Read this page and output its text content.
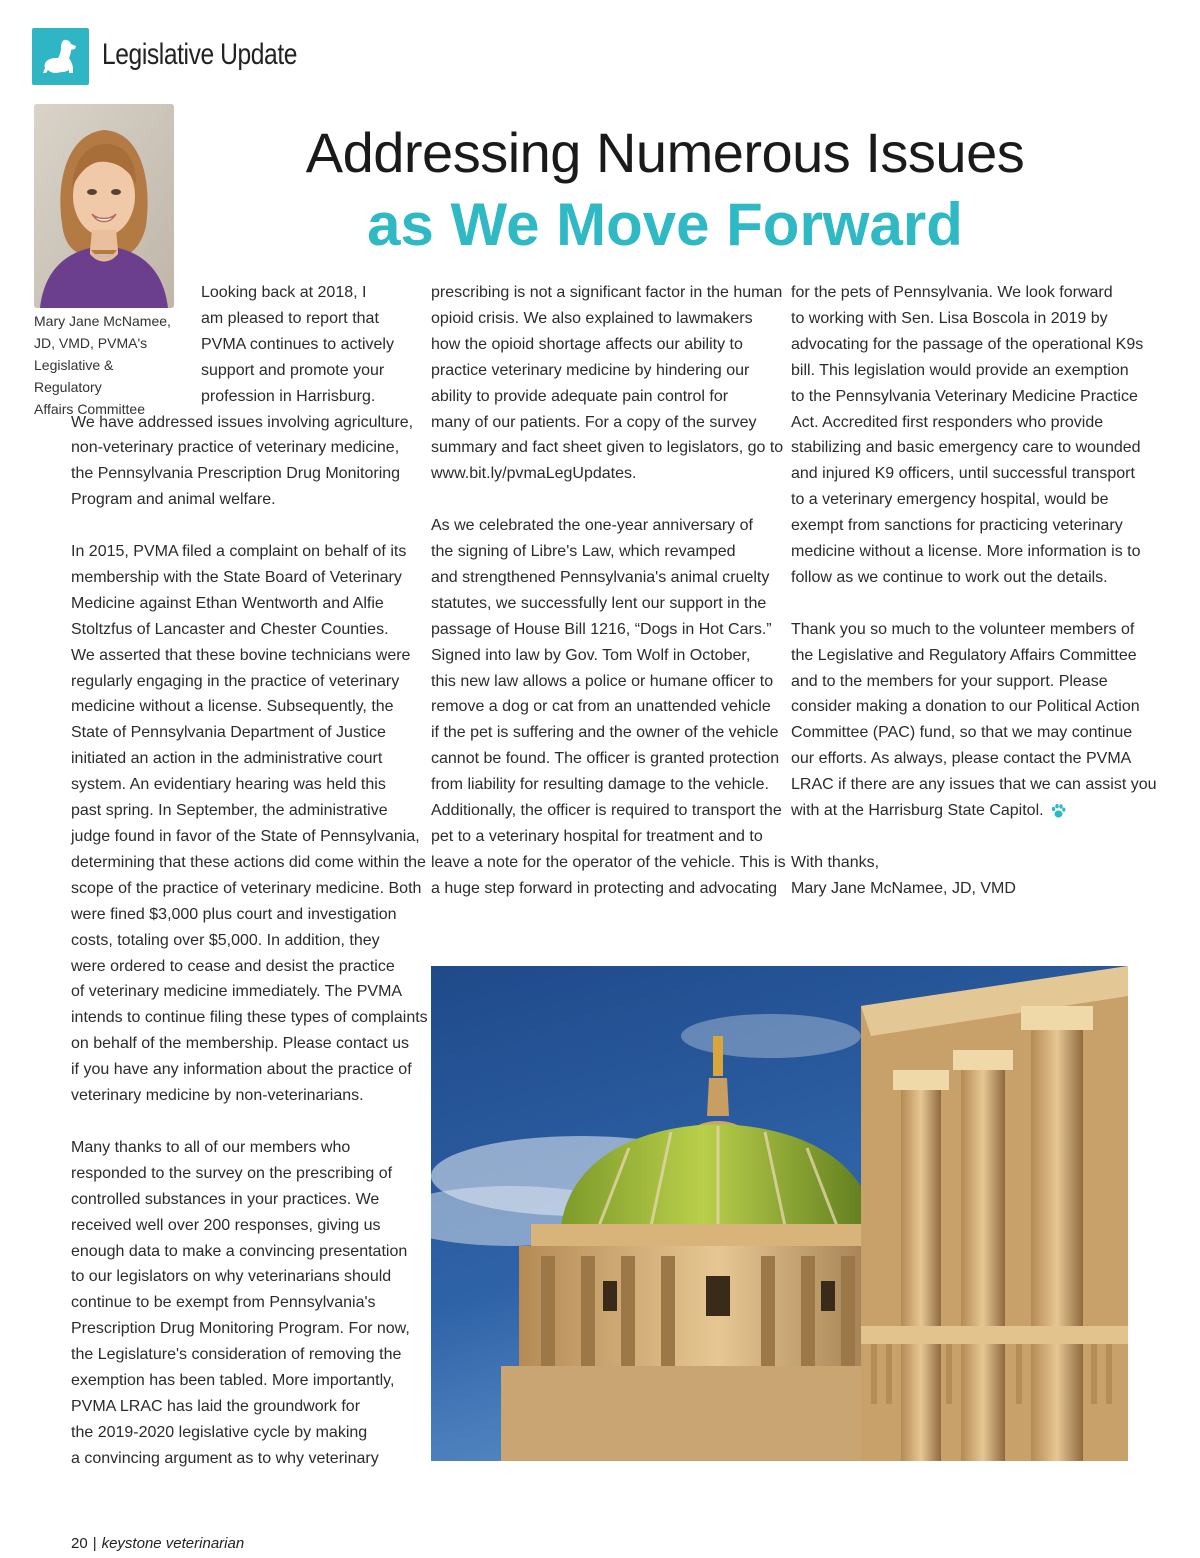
Legislative Update
Addressing Numerous Issues
as We Move Forward
Mary Jane McNamee,
JD, VMD, PVMA's
Legislative & Regulatory
Affairs Committee

Looking back at 2018, I
am pleased to report that
PVMA continues to actively
support and promote your
profession in Harrisburg.
We have addressed issues involving agriculture,
non-veterinary practice of veterinary medicine,
the Pennsylvania Prescription Drug Monitoring
Program and animal welfare.

In 2015, PVMA filed a complaint on behalf of its
membership with the State Board of Veterinary
Medicine against Ethan Wentworth and Alfie
Stoltzfus of Lancaster and Chester Counties.
We asserted that these bovine technicians were
regularly engaging in the practice of veterinary
medicine without a license. Subsequently, the
State of Pennsylvania Department of Justice
initiated an action in the administrative court
system. An evidentiary hearing was held this
past spring. In September, the administrative
judge found in favor of the State of Pennsylvania,
determining that these actions did come within the
scope of the practice of veterinary medicine. Both
were fined $3,000 plus court and investigation
costs, totaling over $5,000. In addition, they
were ordered to cease and desist the practice
of veterinary medicine immediately. The PVMA
intends to continue filing these types of complaints
on behalf of the membership. Please contact us
if you have any information about the practice of
veterinary medicine by non-veterinarians.

Many thanks to all of our members who
responded to the survey on the prescribing of
controlled substances in your practices. We
received well over 200 responses, giving us
enough data to make a convincing presentation
to our legislators on why veterinarians should
continue to be exempt from Pennsylvania's
Prescription Drug Monitoring Program. For now,
the Legislature's consideration of removing the
exemption has been tabled. More importantly,
PVMA LRAC has laid the groundwork for
the 2019-2020 legislative cycle by making
a convincing argument as to why veterinary

prescribing is not a significant factor in the human
opioid crisis. We also explained to lawmakers
how the opioid shortage affects our ability to
practice veterinary medicine by hindering our
ability to provide adequate pain control for
many of our patients. For a copy of the survey
summary and fact sheet given to legislators, go to
www.bit.ly/pvmaLegUpdates.

As we celebrated the one-year anniversary of
the signing of Libre's Law, which revamped
and strengthened Pennsylvania's animal cruelty
statutes, we successfully lent our support in the
passage of House Bill 1216, “Dogs in Hot Cars.”
Signed into law by Gov. Tom Wolf in October,
this new law allows a police or humane officer to
remove a dog or cat from an unattended vehicle
if the pet is suffering and the owner of the vehicle
cannot be found. The officer is granted protection
from liability for resulting damage to the vehicle.
Additionally, the officer is required to transport the
pet to a veterinary hospital for treatment and to
leave a note for the operator of the vehicle. This is
a huge step forward in protecting and advocating

for the pets of Pennsylvania. We look forward
to working with Sen. Lisa Boscola in 2019 by
advocating for the passage of the operational K9s
bill. This legislation would provide an exemption
to the Pennsylvania Veterinary Medicine Practice
Act. Accredited first responders who provide
stabilizing and basic emergency care to wounded
and injured K9 officers, until successful transport
to a veterinary emergency hospital, would be
exempt from sanctions for practicing veterinary
medicine without a license. More information is to
follow as we continue to work out the details.

Thank you so much to the volunteer members of
the Legislative and Regulatory Affairs Committee
and to the members for your support. Please
consider making a donation to our Political Action
Committee (PAC) fund, so that we may continue
our efforts. As always, please contact the PVMA
LRAC if there are any issues that we can assist you
with at the Harrisburg State Capitol.

With thanks,
Mary Jane McNamee, JD, VMD

20 | keystone veterinarian
